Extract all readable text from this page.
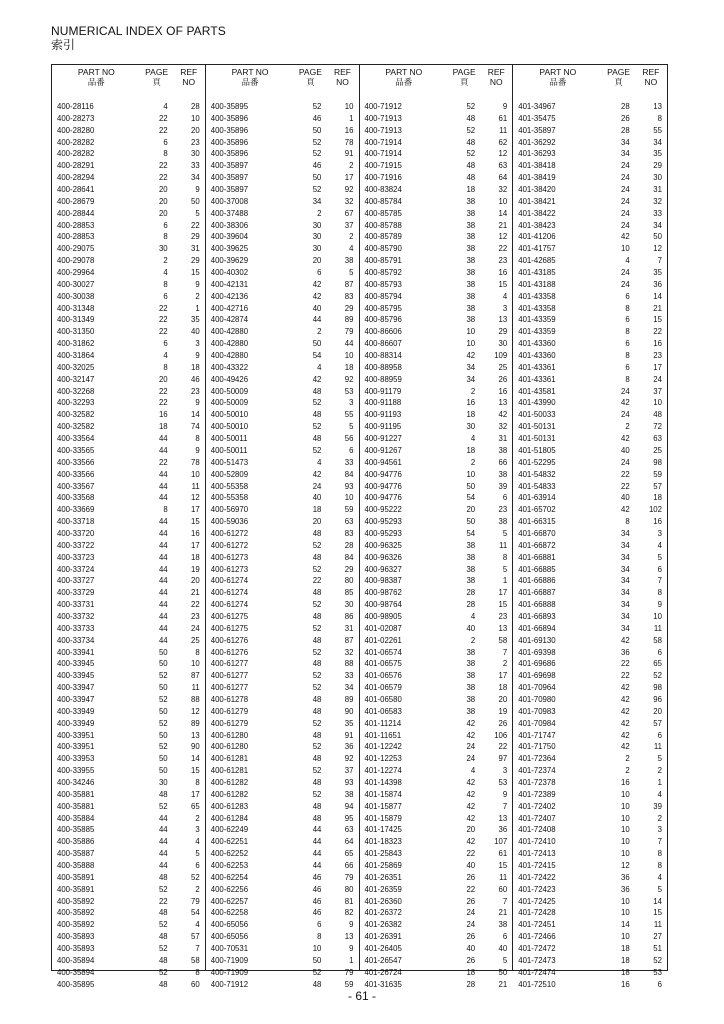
NUMERICAL INDEX OF PARTS
索引
PART NO
品番
PAGE
頁
REF
NO
400-28116	4	28
400-28273	22	10
400-28280	22	20
400-28282	6	23
400-28282	8	30
400-28291	22	33
400-28294	22	34
400-28641	20	9
400-28679	20	50
400-28844	20	5
400-28853	6	22
400-28853	8	29
400-29075	30	31
400-29078	2	29
400-29964	4	15
400-30027	8	9
400-30038	6	2
400-31348	22	1
400-31349	22	35
400-31350	22	40
400-31862	6	3
400-31864	4	9
400-32025	8	18
400-32147	20	46
400-32268	22	23
400-32293	22	9
400-32582	16	14
400-32582	18	74
400-33564	44	8
400-33565	44	9
400-33566	22	78
400-33566	44	10
400-33567	44	11
400-33568	44	12
400-33669	8	17
400-33718	44	15
400-33720	44	16
400-33722	44	17
400-33723	44	18
400-33724	44	19
400-33727	44	20
400-33729	44	21
400-33731	44	22
400-33732	44	23
400-33733	44	24
400-33734	44	25
400-33941	50	8
400-33945	50	10
400-33945	52	87
400-33947	50	11
400-33947	52	88
400-33949	50	12
400-33949	52	89
400-33951	50	13
400-33951	52	90
400-33953	50	14
400-33955	50	15
400-34246	30	8
400-35881	48	17
400-35881	52	65
400-35884	44	2
400-35885	44	3
400-35886	44	4
400-35887	44	5
400-35888	44	6
400-35891	48	52
400-35891	52	2
400-35892	22	79
400-35892	48	54
400-35892	52	4
400-35893	48	57
400-35893	52	7
400-35894	48	58
400-35894	52	8
400-35895	48	60
PART NO
品番
PAGE
頁
REF
NO
400-35895	52	10
400-35896	46	1
400-35896	50	16
400-35896	52	78
400-35896	52	91
400-35897	46	2
400-35897	50	17
400-35897	52	92
400-37008	34	32
400-37488	2	67
400-38306	30	37
400-39604	30	2
400-39625	30	4
400-39629	20	38
400-40302	6	5
400-42131	42	87
400-42136	42	83
400-42716	40	29
400-42874	44	89
400-42880	2	79
400-42880	50	44
400-42880	54	10
400-43322	4	18
400-49426	42	92
400-50009	48	53
400-50009	52	3
400-50010	48	55
400-50010	52	5
400-50011	48	56
400-50011	52	6
400-51473	4	33
400-52809	42	84
400-55358	24	93
400-55358	40	10
400-56970	18	59
400-59036	20	63
400-61272	48	83
400-61272	52	28
400-61273	48	84
400-61273	52	29
400-61274	22	80
400-61274	48	85
400-61274	52	30
400-61275	48	86
400-61275	52	31
400-61276	48	87
400-61276	52	32
400-61277	48	88
400-61277	52	33
400-61277	52	34
400-61278	48	89
400-61279	48	90
400-61279	52	35
400-61280	48	91
400-61280	52	36
400-61281	48	92
400-61281	52	37
400-61282	48	93
400-61282	52	38
400-61283	48	94
400-61284	48	95
400-62249	44	63
400-62251	44	64
400-62252	44	65
400-62253	44	66
400-62254	46	79
400-62256	46	80
400-62257	46	81
400-62258	46	82
400-65056	6	9
400-65056	8	13
400-70531	10	9
400-71909	50	1
400-71909	52	79
400-71912	48	59
PART NO
品番
PAGE
頁
REF
NO
400-71912	52	9
400-71913	48	61
400-71913	52	11
400-71914	48	62
400-71914	52	12
400-71915	48	63
400-71916	48	64
400-83824	18	32
400-85784	38	10
400-85785	38	14
400-85788	38	21
400-85789	38	12
400-85790	38	22
400-85791	38	23
400-85792	38	16
400-85793	38	15
400-85794	38	4
400-85795	38	3
400-85796	38	13
400-86606	10	29
400-86607	10	30
400-88314	42	109
400-88958	34	25
400-88959	34	26
400-91179	2	16
400-91188	16	13
400-91193	18	42
400-91195	30	32
400-91227	4	31
400-91267	18	38
400-94561	2	66
400-94776	10	38
400-94776	50	39
400-94776	54	6
400-95222	20	23
400-95293	50	38
400-95293	54	5
400-96325	38	11
400-96326	38	8
400-96327	38	5
400-98387	38	1
400-98762	28	17
400-98764	28	15
400-98905	4	23
401-02087	40	13
401-02261	2	58
401-06574	38	7
401-06575	38	2
401-06576	38	17
401-06579	38	18
401-06580	38	20
401-06583	38	19
401-11214	42	26
401-11651	42	106
401-12242	24	22
401-12253	24	97
401-12274	4	3
401-14398	42	53
401-15874	42	9
401-15877	42	7
401-15879	42	13
401-17425	20	36
401-18323	42	107
401-25843	22	61
401-25869	40	15
401-26351	26	11
401-26359	22	60
401-26360	26	7
401-26372	24	21
401-26382	24	38
401-26391	26	6
401-26405	40	40
401-26547	26	5
401-26724	18	50
401-31635	28	21
PART NO
品番
PAGE
頁
REF
NO
401-34967	28	13
401-35475	26	8
401-35897	28	55
401-36292	34	34
401-36293	34	35
401-38418	24	29
401-38419	24	30
401-38420	24	31
401-38421	24	32
401-38422	24	33
401-38423	24	34
401-41206	42	50
401-41757	10	12
401-42685	4	7
401-43185	24	35
401-43188	24	36
401-43358	6	14
401-43358	8	21
401-43359	6	15
401-43359	8	22
401-43360	6	16
401-43360	8	23
401-43361	6	17
401-43361	8	24
401-43581	24	37
401-43990	42	10
401-50033	24	48
401-50131	2	72
401-50131	42	63
401-51805	40	25
401-52295	24	98
401-54832	22	59
401-54833	22	57
401-63914	40	18
401-65702	42	102
401-66315	8	16
401-66870	34	3
401-66872	34	4
401-66881	34	5
401-66885	34	6
401-66886	34	7
401-66887	34	8
401-66888	34	9
401-66893	34	10
401-66894	34	11
401-69130	42	58
401-69398	36	6
401-69686	22	65
401-69698	22	52
401-70964	42	98
401-70980	42	96
401-70983	42	20
401-70984	42	57
401-71747	42	6
401-71750	42	11
401-72364	2	5
401-72374	2	2
401-72378	16	1
401-72389	10	4
401-72402	10	39
401-72407	10	2
401-72408	10	3
401-72410	10	7
401-72413	10	8
401-72415	12	8
401-72422	36	4
401-72423	36	5
401-72425	10	14
401-72428	10	15
401-72451	14	11
401-72466	10	27
401-72472	18	51
401-72473	18	52
401-72474	18	53
401-72510	16	6
- 61 -
